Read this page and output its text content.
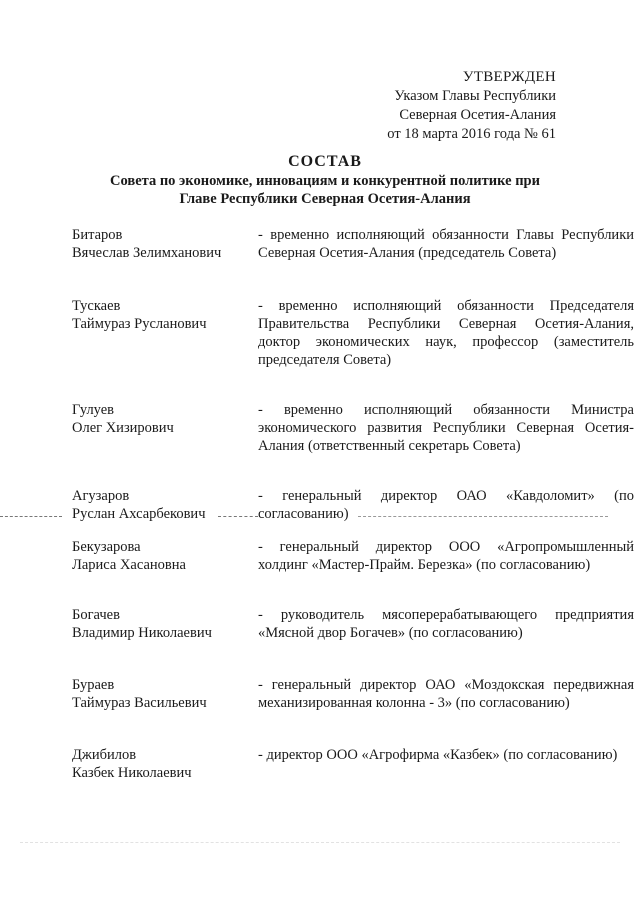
УТВЕРЖДЕН
Указом Главы Республики
Северная Осетия-Алания
от 18 марта 2016 года № 61
СОСТАВ
Совета по экономике, инновациям и конкурентной политике при
Главе Республики Северная Осетия-Алания
Битаров
Вячеслав Зелимханович
- временно исполняющий обязанности Главы Республики Северная Осетия-Алания (председатель Совета)
Тускаев
Таймураз Русланович
- временно исполняющий обязанности Председателя Правительства Республики Северная Осетия-Алания, доктор экономических наук, профессор (заместитель председателя Совета)
Гулуев
Олег Хизирович
- временно исполняющий обязанности Министра экономического развития Республики Северная Осетия-Алания (ответственный секретарь Совета)
Агузаров
Руслан Ахсарбекович
- генеральный директор ОАО «Кавдоломит» (по согласованию)
Бекузарова
Лариса Хасановна
- генеральный директор ООО «Агропромышленный холдинг «Мастер-Прайм. Березка» (по согласованию)
Богачев
Владимир Николаевич
- руководитель мясоперерабатывающего предприятия «Мясной двор Богачев» (по согласованию)
Бураев
Таймураз Васильевич
- генеральный директор ОАО «Моздокская передвижная механизированная колонна - 3» (по согласованию)
Джибилов
Казбек Николаевич
- директор ООО «Агрофирма «Казбек» (по согласованию)
